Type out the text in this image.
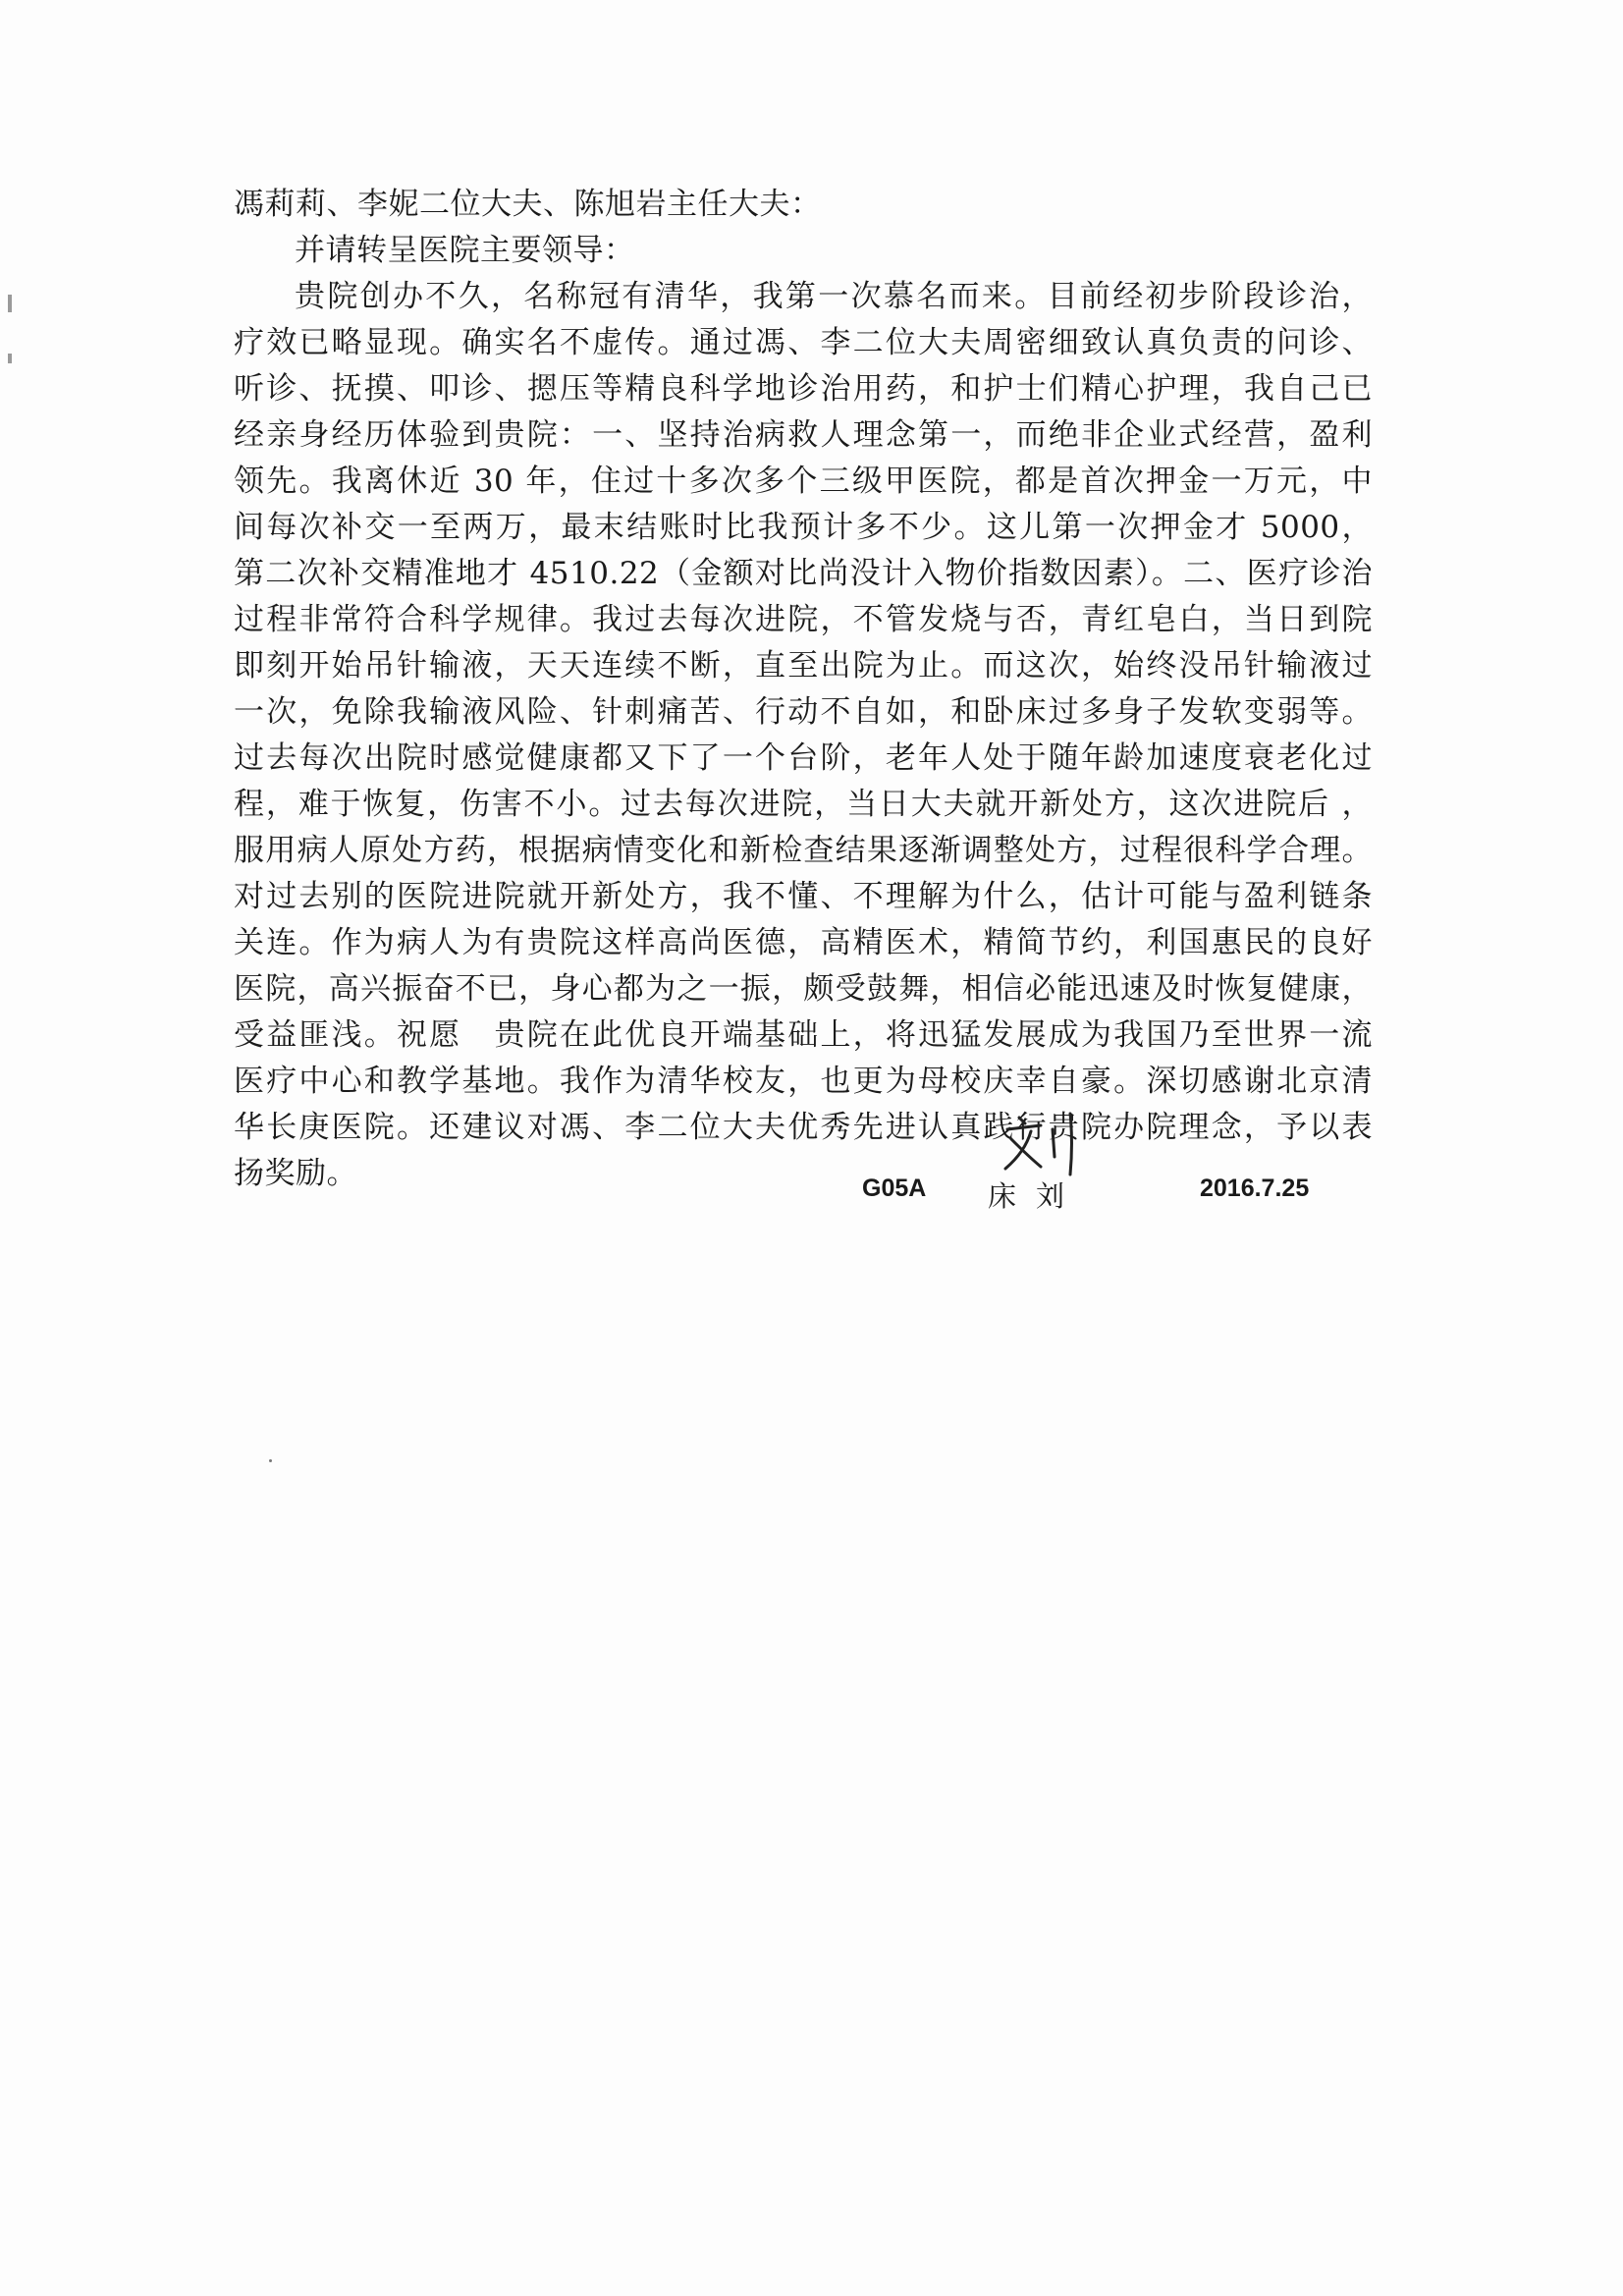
馮莉莉、李妮二位大夫、陈旭岩主任大夫：

并请转呈医院主要领导：

贵院创办不久，名称冠有清华，我第一次慕名而来。目前经初步阶段诊治，
疗效已略显现。确实名不虚传。通过馮、李二位大夫周密细致认真负责的问诊、
听诊、抚摸、叩诊、摁压等精良科学地诊治用药，和护士们精心护理，我自己已
经亲身经历体验到贵院：一、坚持治病救人理念第一，而绝非企业式经营，盈利
领先。我离休近 30 年，住过十多次多个三级甲医院，都是首次押金一万元，中
间每次补交一至两万，最末结账时比我预计多不少。这儿第一次押金才 5000，
第二次补交精准地才 4510.22（金额对比尚没计入物价指数因素）。二、医疗诊治
过程非常符合科学规律。我过去每次进院，不管发烧与否，青红皂白，当日到院
即刻开始吊针输液，天天连续不断，直至出院为止。而这次，始终没吊针输液过
一次，免除我输液风险、针刺痛苦、行动不自如，和卧床过多身子发软变弱等。
过去每次出院时感觉健康都又下了一个台阶，老年人处于随年龄加速度衰老化过
程，难于恢复，伤害不小。过去每次进院，当日大夫就开新处方，这次进院后 ，
服用病人原处方药，根据病情变化和新检查结果逐渐调整处方，过程很科学合理。
对过去别的医院进院就开新处方，我不懂、不理解为什么，估计可能与盈利链条
关连。作为病人为有贵院这样高尚医德，高精医术，精简节约，利国惠民的良好
医院，高兴振奋不已，身心都为之一振，颇受鼓舞，相信必能迅速及时恢复健康，
受益匪浅。祝愿　贵院在此优良开端基础上，将迅猛发展成为我国乃至世界一流
医疗中心和教学基地。我作为清华校友，也更为母校庆幸自豪。深切感谢北京清
华长庚医院。还建议对馮、李二位大夫优秀先进认真践行贵院办院理念，予以表
扬奖励。	G05A 床刘	2016.7.25
